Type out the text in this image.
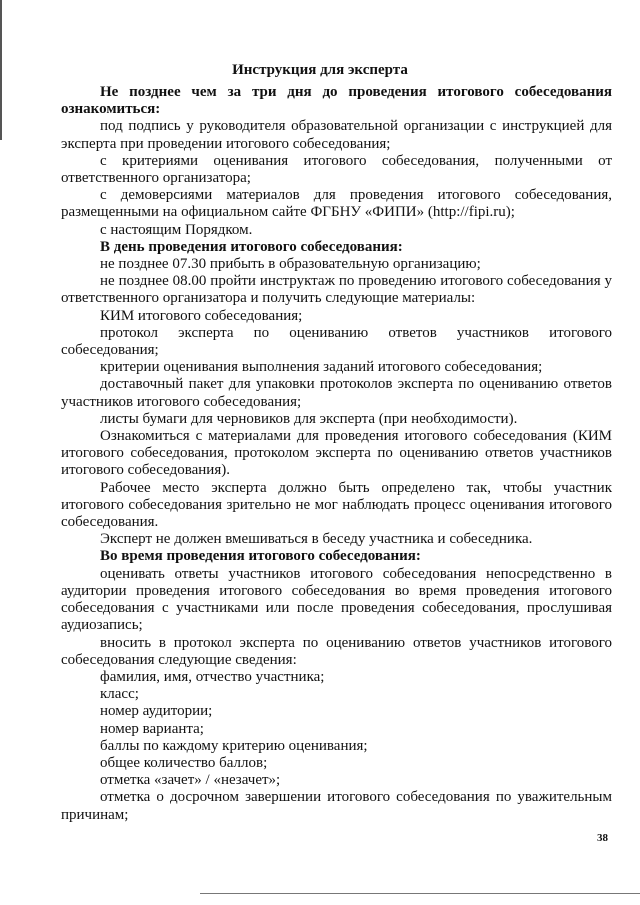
Инструкция для эксперта

Не позднее чем за три дня до проведения итогового собеседования ознакомиться:

под подпись у руководителя образовательной организации с инструкцией для эксперта при проведении итогового собеседования;

с критериями оценивания итогового собеседования, полученными от ответственного организатора;

с демоверсиями материалов для проведения итогового собеседования, размещенными на официальном сайте ФГБНУ «ФИПИ» (http://fipi.ru);

с настоящим Порядком.

В день проведения итогового собеседования:

не позднее 07.30 прибыть в образовательную организацию;

не позднее 08.00 пройти инструктаж по проведению итогового собеседования у ответственного организатора и получить следующие материалы:

КИМ итогового собеседования;

протокол эксперта по оцениванию ответов участников итогового собеседования;

критерии оценивания выполнения заданий итогового собеседования;

доставочный пакет для упаковки протоколов эксперта по оцениванию ответов участников итогового собеседования;

листы бумаги для черновиков для эксперта (при необходимости).

Ознакомиться с материалами для проведения итогового собеседования (КИМ итогового собеседования, протоколом эксперта по оцениванию ответов участников итогового собеседования).

Рабочее место эксперта должно быть определено так, чтобы участник итогового собеседования зрительно не мог наблюдать процесс оценивания итогового собеседования.

Эксперт не должен вмешиваться в беседу участника и собеседника.

Во время проведения итогового собеседования:

оценивать ответы участников итогового собеседования непосредственно в аудитории проведения итогового собеседования во время проведения итогового собеседования с участниками или после проведения собеседования, прослушивая аудиозапись;

вносить в протокол эксперта по оцениванию ответов участников итогового собеседования следующие сведения:

фамилия, имя, отчество участника;

класс;

номер аудитории;

номер варианта;

баллы по каждому критерию оценивания;

общее количество баллов;

отметка «зачет» / «незачет»;

отметка о досрочном завершении итогового собеседования по уважительным причинам;

38
